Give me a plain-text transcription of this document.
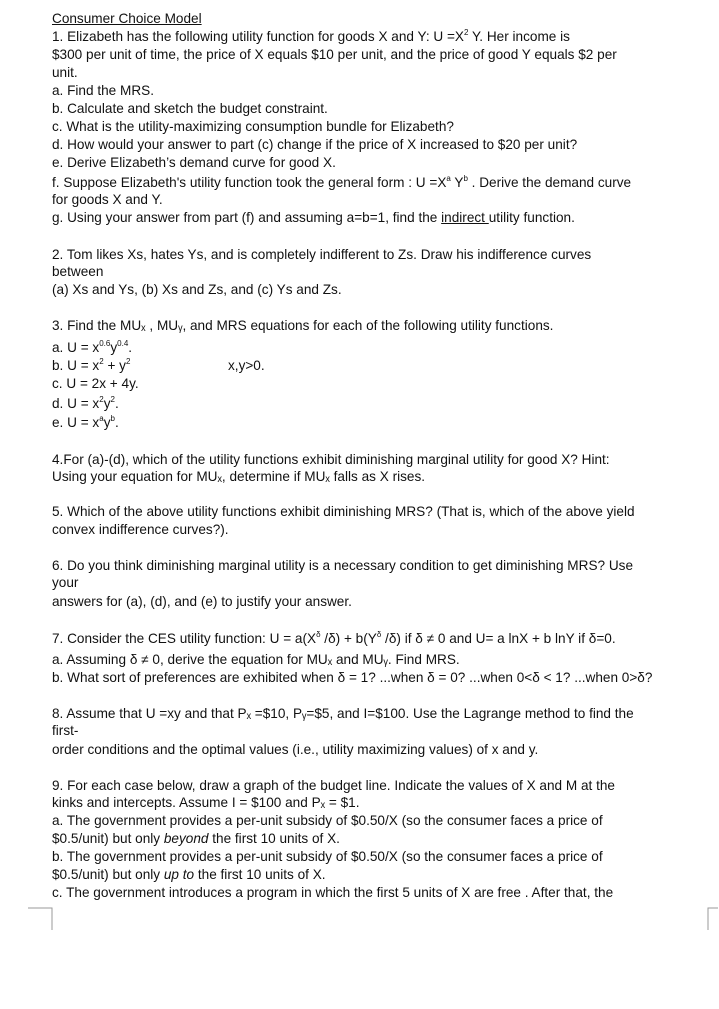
Consumer Choice Model
1. Elizabeth has the following utility function for goods X and Y: $U =X^2$ Y. Her income is
$300 per unit of time, the price of X equals $10 per unit, and the price of good Y equals $2 per
unit.
a. Find the MRS.
b. Calculate and sketch the budget constraint.
c. What is the utility-maximizing consumption bundle for Elizabeth?
d. How would your answer to part (c) change if the price of X increased to $20 per unit?
e. Derive Elizabeth’s demand curve for good X.
f. Suppose Elizabeth's utility function took the general form : $U =X^a$ $Y^b$ . Derive the demand curve
for goods X and Y.
g. Using your answer from part (f) and assuming a=b=1, find the indirect utility function.
2. Tom likes Xs, hates Ys, and is completely indifferent to Zs. Draw his indifference curves
between
(a) Xs and Ys, (b) Xs and Zs, and (c) Ys and Zs.
3. Find the MUₓ , MUᵧ, and MRS equations for each of the following utility functions.
a. $U = x^{0.6}y^{0.4}$.
b. $U = x^2 + y^2$	x,y>0.
c. U = 2x + 4y.
d. $U = x^2y^2$.
e. $U = x^ay^b$.
4.For (a)-(d), which of the utility functions exhibit diminishing marginal utility for good X? Hint:
Using your equation for MUₓ, determine if MUₓ falls as X rises.
5. Which of the above utility functions exhibit diminishing MRS? (That is, which of the above yield
convex indifference curves?).
6. Do you think diminishing marginal utility is a necessary condition to get diminishing MRS? Use
your
answers for (a), (d), and (e) to justify your answer.
7. Consider the CES utility function: $U = a(X^\delta$ $/\delta) + b(Y^\delta$ /δ) if δ ≠ 0 and U= a lnX + b lnY if δ=0.
a. Assuming δ ≠ 0, derive the equation for MUₓ and MUᵧ. Find MRS.
b. What sort of preferences are exhibited when δ = 1? ...when δ = 0? ...when 0<δ < 1? ...when 0>δ?
8. Assume that U =xy and that Pₓ =$10, Pᵧ=$5, and I=$100. Use the Lagrange method to find the
first-
order conditions and the optimal values (i.e., utility maximizing values) of x and y.
9. For each case below, draw a graph of the budget line. Indicate the values of X and M at the
kinks and intercepts. Assume I = $100 and Pₓ = $1.
a. The government provides a per-unit subsidy of $0.50/X (so the consumer faces a price of
$0.5/unit) but only beyond the first 10 units of X.
b. The government provides a per-unit subsidy of $0.50/X (so the consumer faces a price of
$0.5/unit) but only up to the first 10 units of X.
c. The government introduces a program in which the first 5 units of X are free . After that, the
